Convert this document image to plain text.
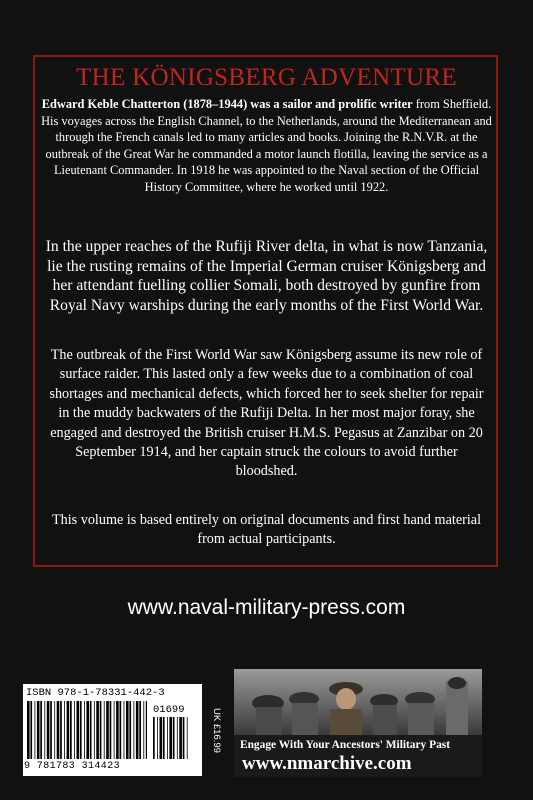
THE KÖNIGSBERG ADVENTURE

Edward Keble Chatterton (1878–1944) was a sailor and prolific writer from Sheffield. His voyages across the English Channel, to the Netherlands, around the Mediterranean and through the French canals led to many articles and books. Joining the R.N.V.R. at the outbreak of the Great War he commanded a motor launch flotilla, leaving the service as a Lieutenant Commander. In 1918 he was appointed to the Naval section of the Official History Committee, where he worked until 1922.

In the upper reaches of the Rufiji River delta, in what is now Tanzania, lie the rusting remains of the Imperial German cruiser Königsberg and her attendant fuelling collier Somali, both destroyed by gunfire from Royal Navy warships during the early months of the First World War.

The outbreak of the First World War saw Königsberg assume its new role of surface raider. This lasted only a few weeks due to a combination of coal shortages and mechanical defects, which forced her to seek shelter for repair in the muddy backwaters of the Rufiji Delta. In her most major foray, she engaged and destroyed the British cruiser H.M.S. Pegasus at Zanzibar on 20 September 1914, and her captain struck the colours to avoid further bloodshed.

This volume is based entirely on original documents and first hand material from actual participants.

www.naval-military-press.com
ISBN 978-1-78331-442-3
01699
9 781783 314423
UK £16.99 Engage With Your Ancestors' Military Past
www.nmarchive.com
